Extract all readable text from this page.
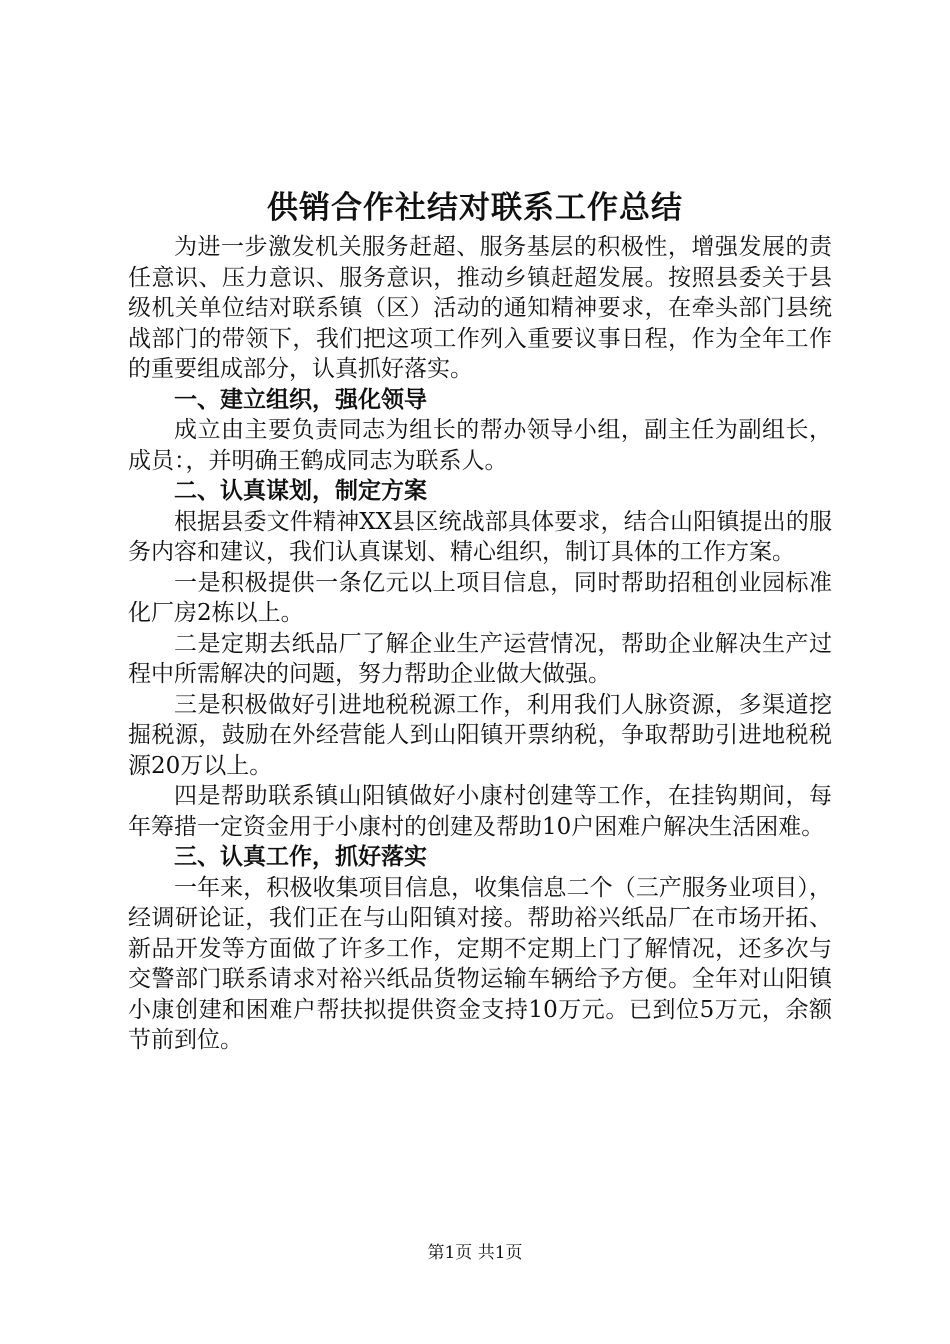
供销合作社结对联系工作总结

为进一步激发机关服务赶超、服务基层的积极性，增强发展的责任意识、压力意识、服务意识，推动乡镇赶超发展。按照县委关于县级机关单位结对联系镇（区）活动的通知精神要求，在牵头部门县统战部门的带领下，我们把这项工作列入重要议事日程，作为全年工作的重要组成部分，认真抓好落实。

一、建立组织，强化领导

成立由主要负责同志为组长的帮办领导小组，副主任为副组长，成员：，并明确王鹤成同志为联系人。

二、认真谋划，制定方案

根据县委文件精神XX县区统战部具体要求，结合山阳镇提出的服务内容和建议，我们认真谋划、精心组织，制订具体的工作方案。

一是积极提供一条亿元以上项目信息，同时帮助招租创业园标准化厂房2栋以上。

二是定期去纸品厂了解企业生产运营情况，帮助企业解决生产过程中所需解决的问题，努力帮助企业做大做强。

三是积极做好引进地税税源工作，利用我们人脉资源，多渠道挖掘税源，鼓励在外经营能人到山阳镇开票纳税，争取帮助引进地税税源20万以上。

四是帮助联系镇山阳镇做好小康村创建等工作，在挂钩期间，每年筹措一定资金用于小康村的创建及帮助10户困难户解决生活困难。

三、认真工作，抓好落实

一年来，积极收集项目信息，收集信息二个（三产服务业项目），经调研论证，我们正在与山阳镇对接。帮助裕兴纸品厂在市场开拓、新品开发等方面做了许多工作，定期不定期上门了解情况，还多次与交警部门联系请求对裕兴纸品货物运输车辆给予方便。全年对山阳镇小康创建和困难户帮扶拟提供资金支持10万元。已到位5万元，余额节前到位。

第1页 共1页
